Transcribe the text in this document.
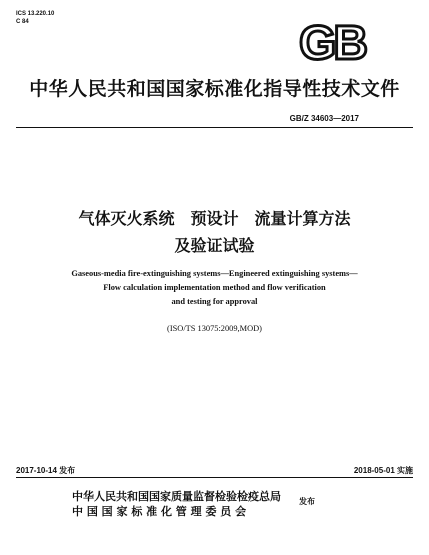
ICS 13.220.10
C 84	GB
中华人民共和国国家标准化指导性技术文件
GB/Z 34603—2017
气体灭火系统　预设计　流量计算方法
及验证试验
Gaseous-media fire-extinguishing systems—Engineered extinguishing systems—
Flow calculation implementation method and flow verification
and testing for approval
(ISO/TS 13075:2009,MOD)
2017-10-14 发布	2018-05-01 实施
中华人民共和国国家质量监督检验检疫总局
中 国 国 家 标 准 化 管 理 委 员 会
发布
